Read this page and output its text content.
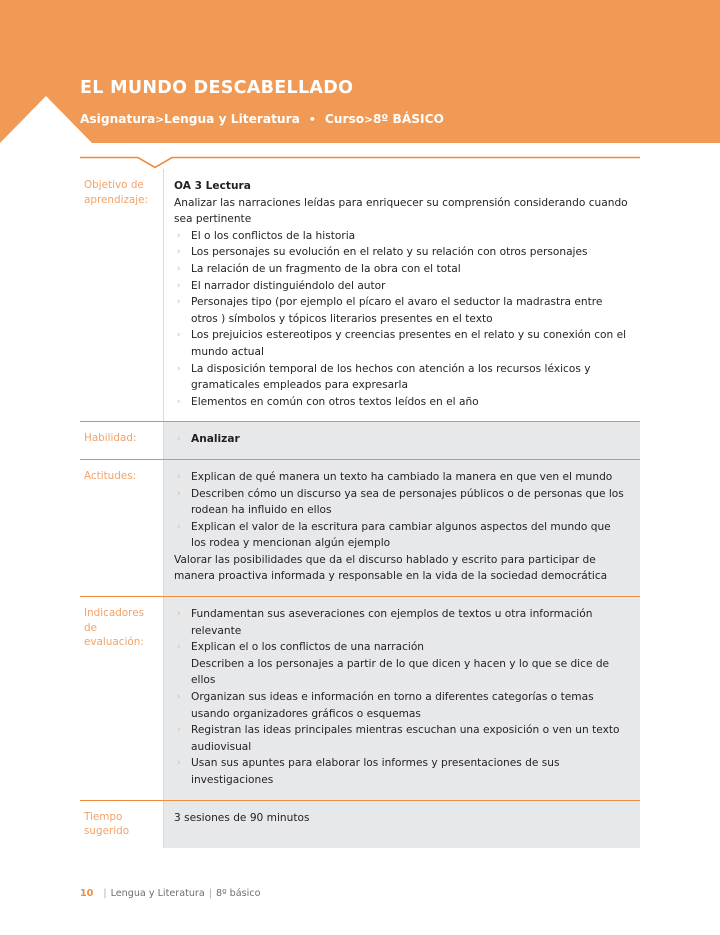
EL MUNDO DESCABELLADO
Asignatura>Lengua y Literatura • Curso>8º BÁSICO
Objetivo de
aprendizaje:
OA 3 Lectura
Analizar las narraciones leídas para enriquecer su comprensión considerando cuando sea pertinente
› El o los conflictos de la historia
› Los personajes su evolución en el relato y su relación con otros personajes
› La relación de un fragmento de la obra con el total
› El narrador distinguiéndolo del autor
› Personajes tipo (por ejemplo el pícaro el avaro el seductor la madrastra entre otros ) símbolos y tópicos literarios presentes en el texto
› Los prejuicios estereotipos y creencias presentes en el relato y su conexión con el mundo actual
› La disposición temporal de los hechos con atención a los recursos léxicos y gramaticales empleados para expresarla
› Elementos en común con otros textos leídos en el año
Habilidad:	› Analizar
Actitudes:	› Explican de qué manera un texto ha cambiado la manera en que ven el mundo
› Describen cómo un discurso ya sea de personajes públicos o de personas que los rodean ha influido en ellos
› Explican el valor de la escritura para cambiar algunos aspectos del mundo que los rodea y mencionan algún ejemplo
Valorar las posibilidades que da el discurso hablado y escrito para participar de manera proactiva informada y responsable en la vida de la sociedad democrática
Indicadores
de
evaluación:
› Fundamentan sus aseveraciones con ejemplos de textos u otra información relevante
› Explican el o los conflictos de una narración
Describen a los personajes a partir de lo que dicen y hacen y lo que se dice de ellos
› Organizan sus ideas e información en torno a diferentes categorías o temas usando organizadores gráficos o esquemas
› Registran las ideas principales mientras escuchan una exposición o ven un texto audiovisual
› Usan sus apuntes para elaborar los informes y presentaciones de sus investigaciones
Tiempo
sugerido
3 sesiones de 90 minutos
10 | Lengua y Literatura | 8º básico
